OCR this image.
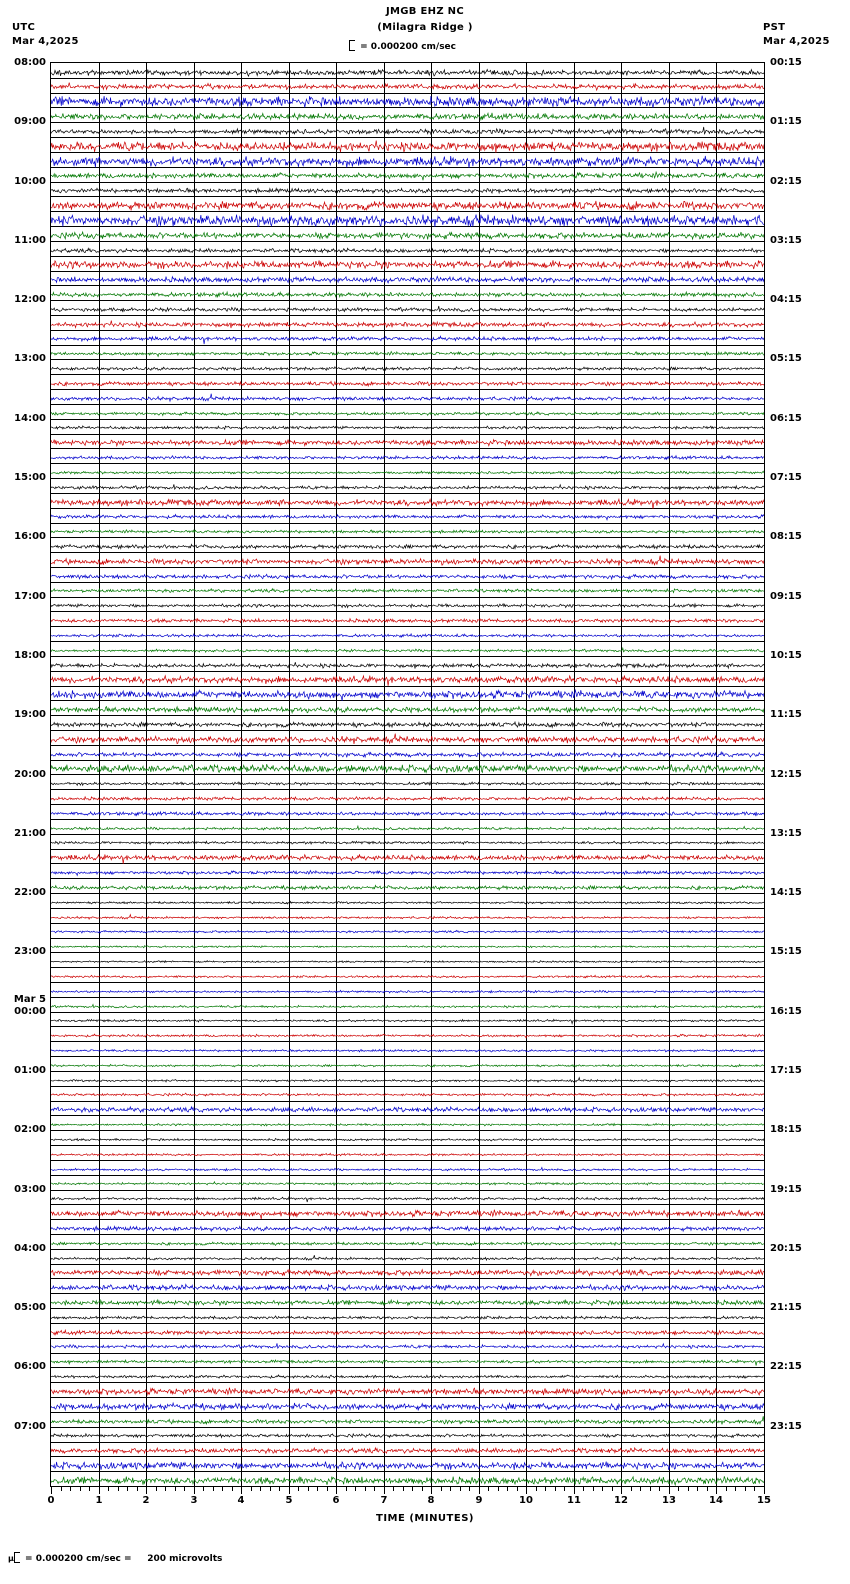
UTC
Mar 4,2025
PST
Mar 4,2025
JMGB EHZ NC
(Milagra Ridge )
= 0.000200 cm/sec
0	1	2	3	4	5	6	7	8	9	10	11	12	13	14	15
TIME (MINUTES)
μ = 0.000200 cm/sec =     200 microvolts
08:00	00:15
09:00	01:15
10:00	02:15
11:00	03:15
12:00	04:15
13:00	05:15
14:00	06:15
15:00	07:15
16:00	08:15
17:00	09:15
18:00	10:15
19:00	11:15
20:00	12:15
21:00	13:15
22:00	14:15
23:00	15:15
00:00	16:15
01:00	17:15
02:00	18:15
03:00	19:15
04:00	20:15
05:00	21:15
06:00	22:15
07:00	23:15
Mar 5
